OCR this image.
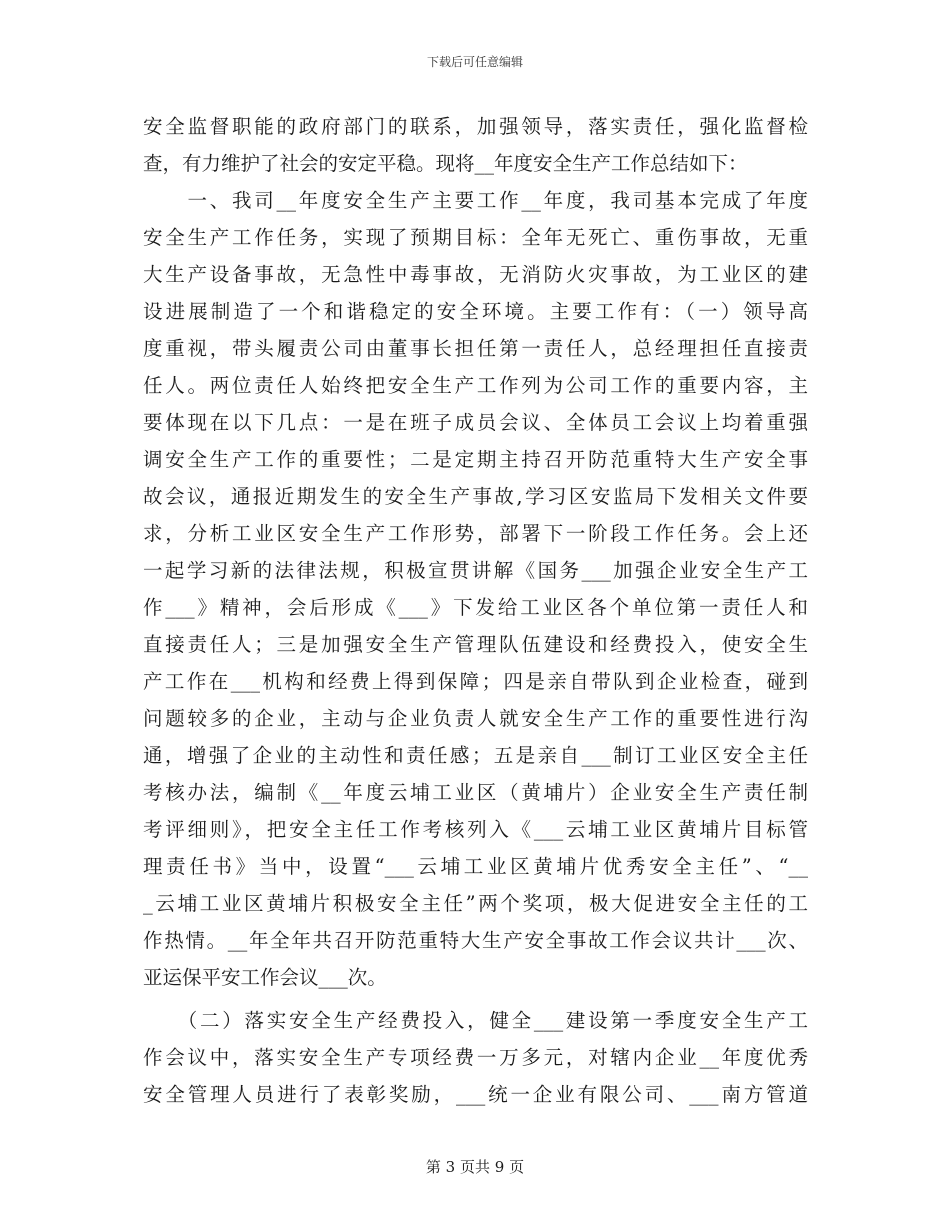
下载后可任意编辑
安全监督职能的政府部门的联系，加强领导，落实责任，强化监督检
查，有力维护了社会的安定平稳。现将__年度安全生产工作总结如下：
　　一、我司__年度安全生产主要工作__年度，我司基本完成了年度
安全生产工作任务，实现了预期目标：全年无死亡、重伤事故，无重
大生产设备事故，无急性中毒事故，无消防火灾事故，为工业区的建
设进展制造了一个和谐稳定的安全环境。主要工作有：（一）领导高
度重视，带头履责公司由董事长担任第一责任人，总经理担任直接责
任人。两位责任人始终把安全生产工作列为公司工作的重要内容，主
要体现在以下几点：一是在班子成员会议、全体员工会议上均着重强
调安全生产工作的重要性；二是定期主持召开防范重特大生产安全事
故会议，通报近期发生的安全生产事故,学习区安监局下发相关文件要
求，分析工业区安全生产工作形势，部署下一阶段工作任务。会上还
一起学习新的法律法规，积极宣贯讲解《国务___加强企业安全生产工
作___》精神，会后形成《___》下发给工业区各个单位第一责任人和
直接责任人；三是加强安全生产管理队伍建设和经费投入，使安全生
产工作在___机构和经费上得到保障；四是亲自带队到企业检查，碰到
问题较多的企业，主动与企业负责人就安全生产工作的重要性进行沟
通，增强了企业的主动性和责任感；五是亲自___制订工业区安全主任
考核办法，编制《__年度云埔工业区（黄埔片）企业安全生产责任制
考评细则》，把安全主任工作考核列入《___云埔工业区黄埔片目标管
理责任书》当中，设置“___云埔工业区黄埔片优秀安全主任”、“__
_云埔工业区黄埔片积极安全主任”两个奖项，极大促进安全主任的工
作热情。__年全年共召开防范重特大生产安全事故工作会议共计___次、
亚运保平安工作会议___次。
　　（二）落实安全生产经费投入，健全___建设第一季度安全生产工
作会议中，落实安全生产专项经费一万多元，对辖内企业__年度优秀
安全管理人员进行了表彰奖励，___统一企业有限公司、___南方管道
第 3 页共 9 页
